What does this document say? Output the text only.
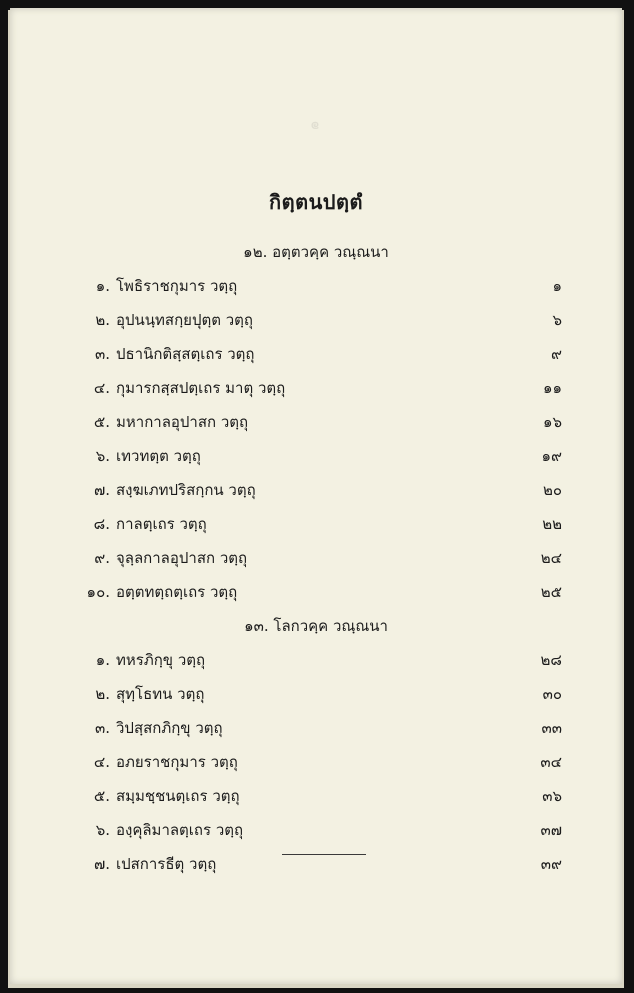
๑
กิตฺตนปตฺตํ
๑๒. อตฺตวคฺค วณฺณนา
๑. โพธิราชกุมาร วตฺถุ	๑
๒. อุปนนฺทสกฺยปุตฺต วตฺถุ	๖
๓. ปธานิกติสฺสตฺเถร วตฺถุ	๙
๔. กุมารกสฺสปตฺเถร มาตุ วตฺถุ	๑๑
๕. มหากาลอุปาสก วตฺถุ	๑๖
๖. เทวทตฺต วตฺถุ	๑๙
๗. สงฺฆเภทปริสกฺกน วตฺถุ	๒๐
๘. กาลตฺเถร วตฺถุ	๒๒
๙. จุลฺลกาลอุปาสก วตฺถุ	๒๔
๑๐. อตฺตทตฺถตฺเถร วตฺถุ	๒๕
๑๓. โลกวคฺค วณฺณนา
๑. ทหรภิกฺขุ วตฺถุ	๒๘
๒. สุทฺโธทน วตฺถุ	๓๐
๓. วิปสฺสกภิกฺขุ วตฺถุ	๓๓
๔. อภยราชกุมาร วตฺถุ	๓๔
๕. สมฺมชฺชนตฺเถร วตฺถุ	๓๖
๖. องฺคุลิมาลตฺเถร วตฺถุ	๓๗
๗. เปสการธีตุ วตฺถุ	๓๙
